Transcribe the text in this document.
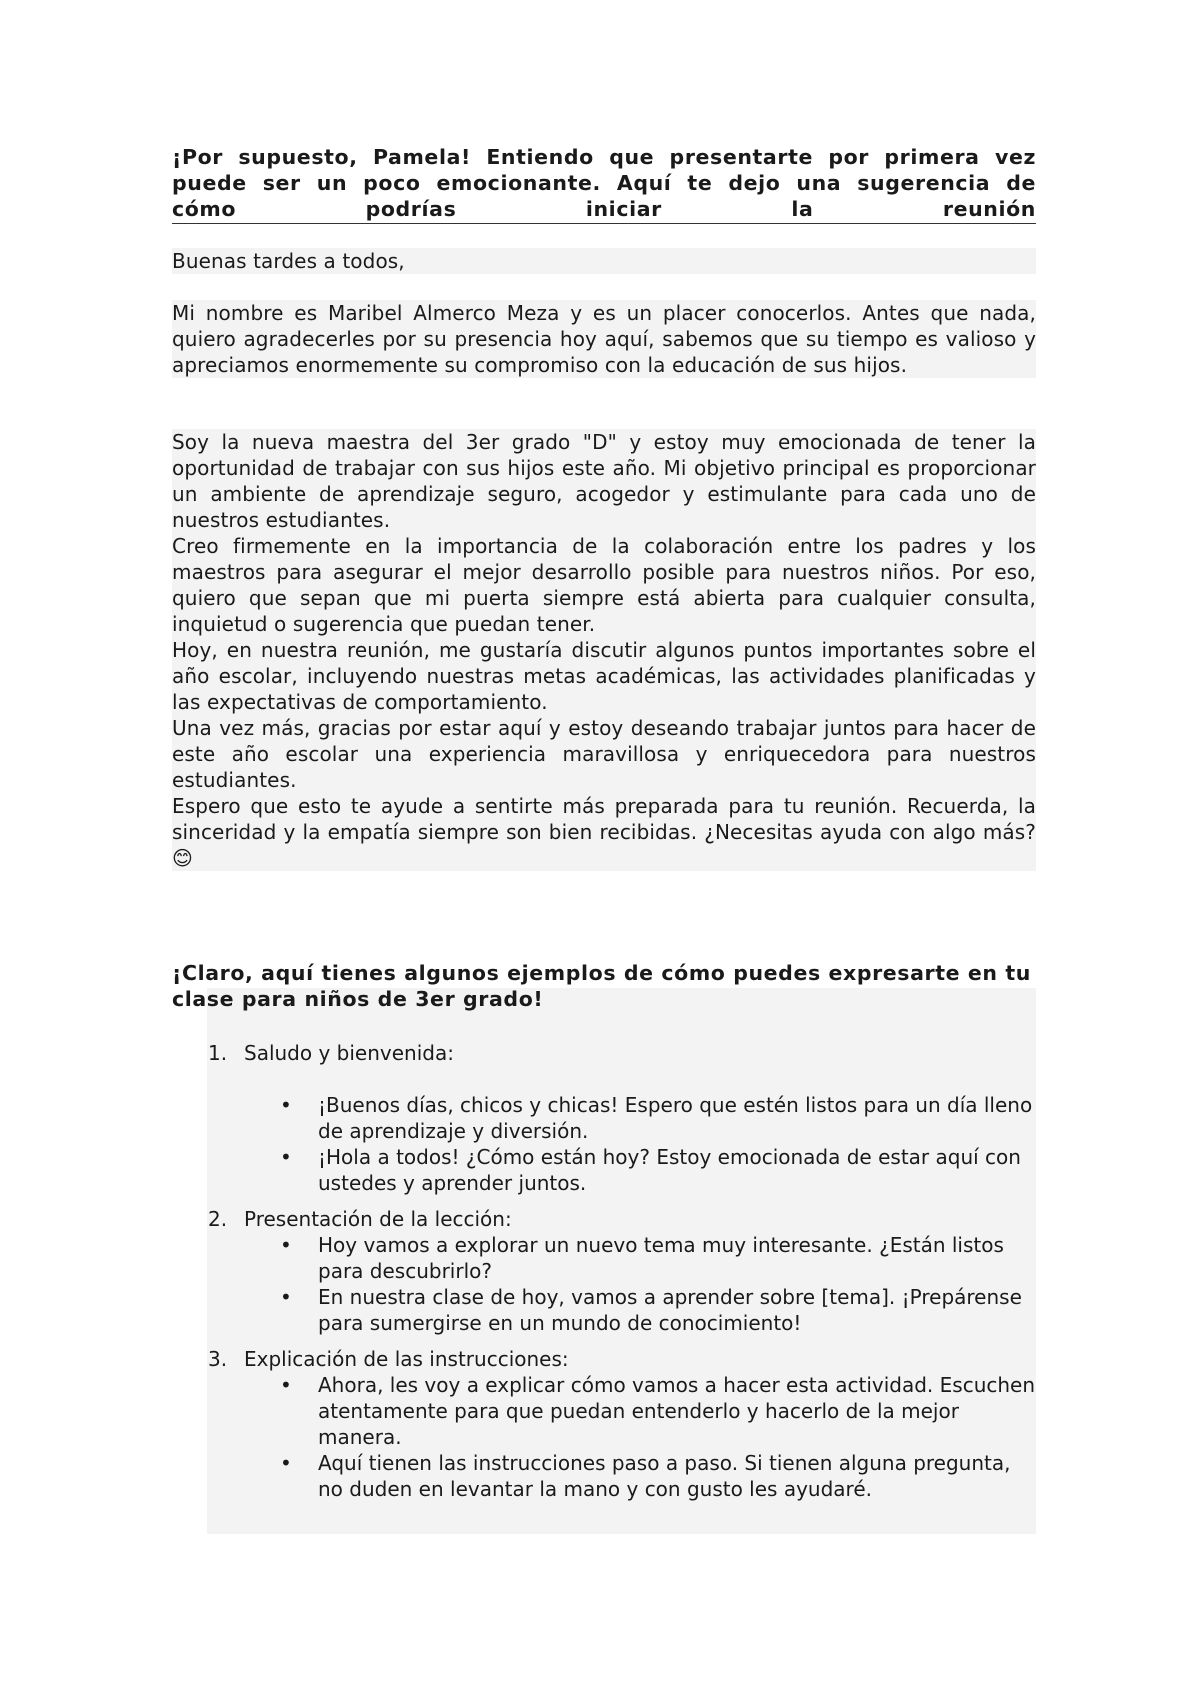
¡Por supuesto, Pamela! Entiendo que presentarte por primera vez

puede ser un poco emocionante. Aquí te dejo una sugerencia de

cómo podrías iniciar la reunión

Buenas tardes a todos,

Mi nombre es Maribel Almerco Meza y es un placer conocerlos. Antes que nada, quiero agradecerles por su presencia hoy aquí, sabemos que su tiempo es valioso y apreciamos enormemente su compromiso con la educación de sus hijos.

Soy la nueva maestra del 3er grado "D" y estoy muy emocionada de tener la oportunidad de trabajar con sus hijos este año. Mi objetivo principal es proporcionar un ambiente de aprendizaje seguro, acogedor y estimulante para cada uno de nuestros estudiantes.

Creo firmemente en la importancia de la colaboración entre los padres y los maestros para asegurar el mejor desarrollo posible para nuestros niños. Por eso, quiero que sepan que mi puerta siempre está abierta para cualquier consulta, inquietud o sugerencia que puedan tener.

Hoy, en nuestra reunión, me gustaría discutir algunos puntos importantes sobre el año escolar, incluyendo nuestras metas académicas, las actividades planificadas y las expectativas de comportamiento.

Una vez más, gracias por estar aquí y estoy deseando trabajar juntos para hacer de este año escolar una experiencia maravillosa y enriquecedora para nuestros estudiantes.

Espero que esto te ayude a sentirte más preparada para tu reunión. Recuerda, la sinceridad y la empatía siempre son bien recibidas. ¿Necesitas ayuda con algo más? 😊

¡Claro, aquí tienes algunos ejemplos de cómo puedes expresarte en tu clase para niños de 3er grado!

1. Saludo y bienvenida:
• ¡Buenos días, chicos y chicas! Espero que estén listos para un día lleno de aprendizaje y diversión.
• ¡Hola a todos! ¿Cómo están hoy? Estoy emocionada de estar aquí con ustedes y aprender juntos.
2. Presentación de la lección:
• Hoy vamos a explorar un nuevo tema muy interesante. ¿Están listos para descubrirlo?
• En nuestra clase de hoy, vamos a aprender sobre [tema]. ¡Prepárense para sumergirse en un mundo de conocimiento!
3. Explicación de las instrucciones:
• Ahora, les voy a explicar cómo vamos a hacer esta actividad. Escuchen atentamente para que puedan entenderlo y hacerlo de la mejor manera.
• Aquí tienen las instrucciones paso a paso. Si tienen alguna pregunta, no duden en levantar la mano y con gusto les ayudaré.
